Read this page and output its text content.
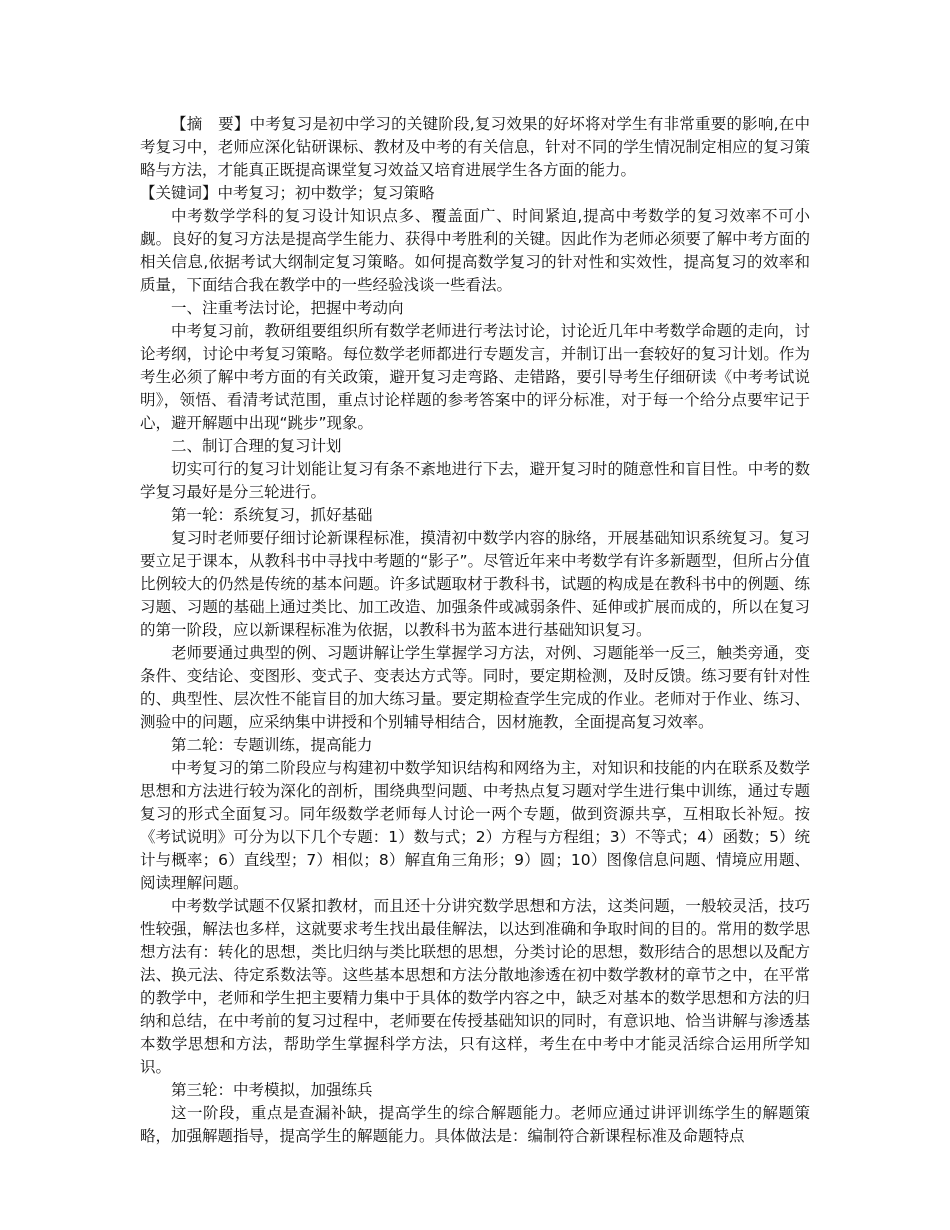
【摘　要】中考复习是初中学习的关键阶段,复习效果的好坏将对学生有非常重要的影响,在中考复习中，老师应深化钻研课标、教材及中考的有关信息，针对不同的学生情况制定相应的复习策略与方法，才能真正既提高课堂复习效益又培育进展学生各方面的能力。

【关键词】中考复习；初中数学；复习策略

中考数学学科的复习设计知识点多、覆盖面广、时间紧迫,提高中考数学的复习效率不可小觑。良好的复习方法是提高学生能力、获得中考胜利的关键。因此作为老师必须要了解中考方面的相关信息,依据考试大纲制定复习策略。如何提高数学复习的针对性和实效性，提高复习的效率和质量，下面结合我在教学中的一些经验浅谈一些看法。

一、注重考法讨论，把握中考动向

中考复习前，教研组要组织所有数学老师进行考法讨论，讨论近几年中考数学命题的走向，讨论考纲，讨论中考复习策略。每位数学老师都进行专题发言，并制订出一套较好的复习计划。作为考生必须了解中考方面的有关政策，避开复习走弯路、走错路，要引导考生仔细研读《中考考试说明》，领悟、看清考试范围，重点讨论样题的参考答案中的评分标准，对于每一个给分点要牢记于心，避开解题中出现“跳步”现象。

二、制订合理的复习计划

切实可行的复习计划能让复习有条不紊地进行下去，避开复习时的随意性和盲目性。中考的数学复习最好是分三轮进行。

第一轮：系统复习，抓好基础

复习时老师要仔细讨论新课程标准，摸清初中数学内容的脉络，开展基础知识系统复习。复习要立足于课本，从教科书中寻找中考题的“影子”。尽管近年来中考数学有许多新题型，但所占分值比例较大的仍然是传统的基本问题。许多试题取材于教科书，试题的构成是在教科书中的例题、练习题、习题的基础上通过类比、加工改造、加强条件或减弱条件、延伸或扩展而成的，所以在复习的第一阶段，应以新课程标准为依据，以教科书为蓝本进行基础知识复习。

老师要通过典型的例、习题讲解让学生掌握学习方法，对例、习题能举一反三，触类旁通，变条件、变结论、变图形、变式子、变表达方式等。同时，要定期检测，及时反馈。练习要有针对性的、典型性、层次性不能盲目的加大练习量。要定期检查学生完成的作业。老师对于作业、练习、测验中的问题，应采纳集中讲授和个别辅导相结合，因材施教，全面提高复习效率。

第二轮：专题训练，提高能力

中考复习的第二阶段应与构建初中数学知识结构和网络为主，对知识和技能的内在联系及数学思想和方法进行较为深化的剖析，围绕典型问题、中考热点复习题对学生进行集中训练，通过专题复习的形式全面复习。同年级数学老师每人讨论一两个专题，做到资源共享，互相取长补短。按《考试说明》可分为以下几个专题：1）数与式；2）方程与方程组；3）不等式；4）函数；5）统计与概率；6）直线型；7）相似；8）解直角三角形；9）圆；10）图像信息问题、情境应用题、阅读理解问题。

中考数学试题不仅紧扣教材，而且还十分讲究数学思想和方法，这类问题，一般较灵活，技巧性较强，解法也多样，这就要求考生找出最佳解法，以达到准确和争取时间的目的。常用的数学思想方法有：转化的思想，类比归纳与类比联想的思想，分类讨论的思想，数形结合的思想以及配方法、换元法、待定系数法等。这些基本思想和方法分散地渗透在初中数学教材的章节之中，在平常的教学中，老师和学生把主要精力集中于具体的数学内容之中，缺乏对基本的数学思想和方法的归纳和总结，在中考前的复习过程中，老师要在传授基础知识的同时，有意识地、恰当讲解与渗透基本数学思想和方法，帮助学生掌握科学方法，只有这样，考生在中考中才能灵活综合运用所学知识。

第三轮：中考模拟，加强练兵

这一阶段，重点是查漏补缺，提高学生的综合解题能力。老师应通过讲评训练学生的解题策略，加强解题指导，提高学生的解题能力。具体做法是：编制符合新课程标准及命题特点
